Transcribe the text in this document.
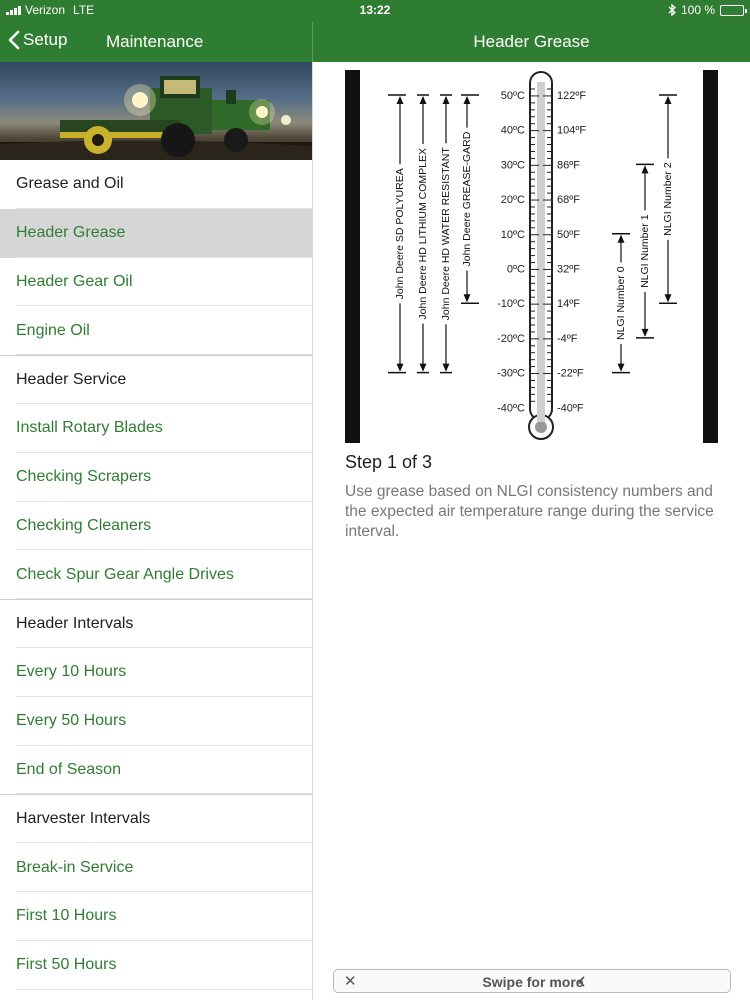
Verizon LTE	13:22	100 %
Setup Maintenance	Header Grease
Grease and Oil
Header Grease
Header Gear Oil
Engine Oil
Header Service
Install Rotary Blades
Checking Scrapers
Checking Cleaners
Check Spur Gear Angle Drives
Header Intervals
Every 10 Hours
Every 50 Hours
End of Season
Harvester Intervals
Break-in Service
First 10 Hours
First 50 Hours
50ºC
40ºC
30ºC
20ºC
10ºC
0ºC
-10ºC
-20ºC
-30ºC
-40ºC
122ºF
104ºF
86ºF
68ºF
50ºF
32ºF
14ºF
-4ºF
-22ºF
-40ºF
John Deere SD POLYUREA John Deere HD LITHIUM COMPLEX John Deere HD WATER RESISTANT John Deere GREASE-GARD
NLGI Number 0
NLGI Number 1
NLGI Number 2
Step 1 of 3
Use grease based on NLGI consistency numbers and the expected air temperature range during the service interval.
✕	Swipe for more
